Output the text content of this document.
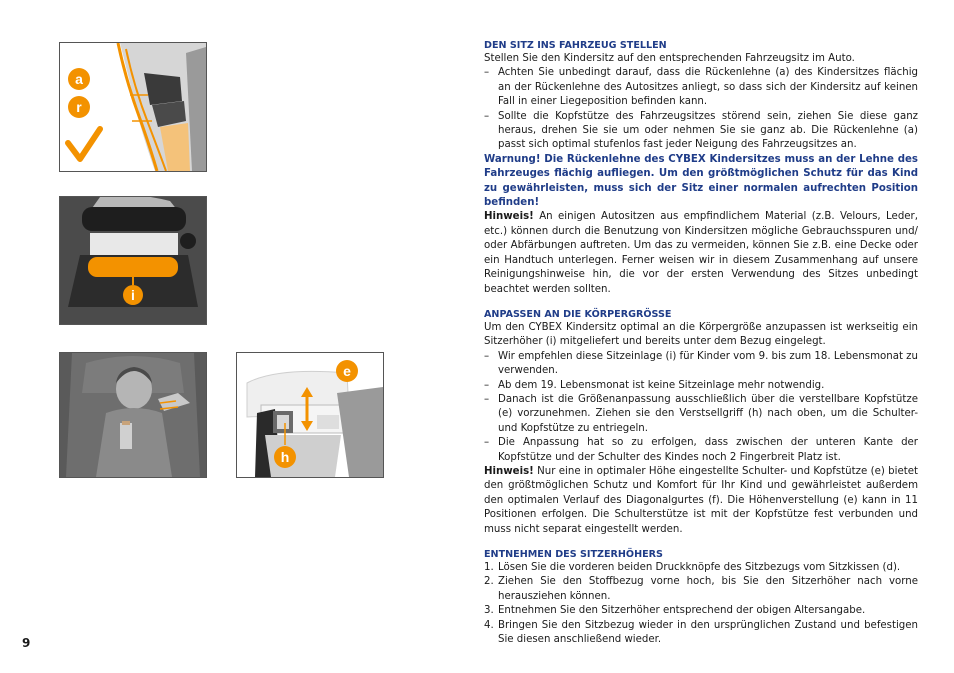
a
r
i
e
h
9
DEN SITZ INS FAHRZEUG STELLEN

Stellen Sie den Kindersitz auf den entsprechenden Fahrzeugsitz im Auto.

– Achten Sie unbedingt darauf, dass die Rückenlehne (a) des Kindersitzes flächig an der Rückenlehne des Autositzes anliegt, so dass sich der Kindersitz auf keinen Fall in einer Liegeposition befinden kann.
– Sollte die Kopfstütze des Fahrzeugsitzes störend sein, ziehen Sie diese ganz heraus, drehen Sie sie um oder nehmen Sie sie ganz ab. Die Rückenlehne (a) passt sich optimal stufenlos fast jeder Neigung des Fahrzeugsitzes an.
Warnung! Die Rückenlehne des CYBEX Kindersitzes muss an der Lehne des Fahrzeuges flächig aufliegen. Um den größtmöglichen Schutz für das Kind zu gewährleisten, muss sich der Sitz einer normalen aufrechten Position befinden!

Hinweis! An einigen Autositzen aus empfindlichem Material (z.B. Velours, Leder, etc.) können durch die Benutzung von Kindersitzen mögliche Gebrauchsspuren und/ oder Abfärbungen auftreten. Um das zu vermeiden, können Sie z.B. eine Decke oder ein Handtuch unterlegen. Ferner weisen wir in diesem Zusammenhang auf unsere Reinigungshinweise hin, die vor der ersten Verwendung des Sitzes unbedingt beachtet werden sollten.

ANPASSEN AN DIE KÖRPERGRÖSSE

Um den CYBEX Kindersitz optimal an die Körpergröße anzupassen ist werkseitig ein Sitzerhöher (i) mitgeliefert und bereits unter dem Bezug eingelegt.

– Wir empfehlen diese Sitzeinlage (i) für Kinder vom 9. bis zum 18. Lebensmonat zu verwenden.
– Ab dem 19. Lebensmonat ist keine Sitzeinlage mehr notwendig.
– Danach ist die Größenanpassung ausschließlich über die verstellbare Kopfstütze (e) vorzunehmen. Ziehen sie den Verstsellgriff (h) nach oben, um die Schulter- und Kopfstütze zu entriegeln.
– Die Anpassung hat so zu erfolgen, dass zwischen der unteren Kante der Kopfstütze und der Schulter des Kindes noch 2 Fingerbreit Platz ist.

Hinweis! Nur eine in optimaler Höhe eingestellte Schulter- und Kopfstütze (e) bietet den größtmöglichen Schutz und Komfort für Ihr Kind und gewährleistet außerdem den optimalen Verlauf des Diagonalgurtes (f). Die Höhenverstellung (e) kann in 11 Positionen erfolgen. Die Schulterstütze ist mit der Kopfstütze fest verbunden und muss nicht separat eingestellt werden.

ENTNEHMEN DES SITZERHÖHERS
1. Lösen Sie die vorderen beiden Druckknöpfe des Sitzbezugs vom Sitzkissen (d).
2. Ziehen Sie den Stoffbezug vorne hoch, bis Sie den Sitzerhöher nach vorne herausziehen können.
3. Entnehmen Sie den Sitzerhöher entsprechend der obigen Altersangabe.
4. Bringen Sie den Sitzbezug wieder in den ursprünglichen Zustand und befestigen Sie diesen anschließend wieder.
